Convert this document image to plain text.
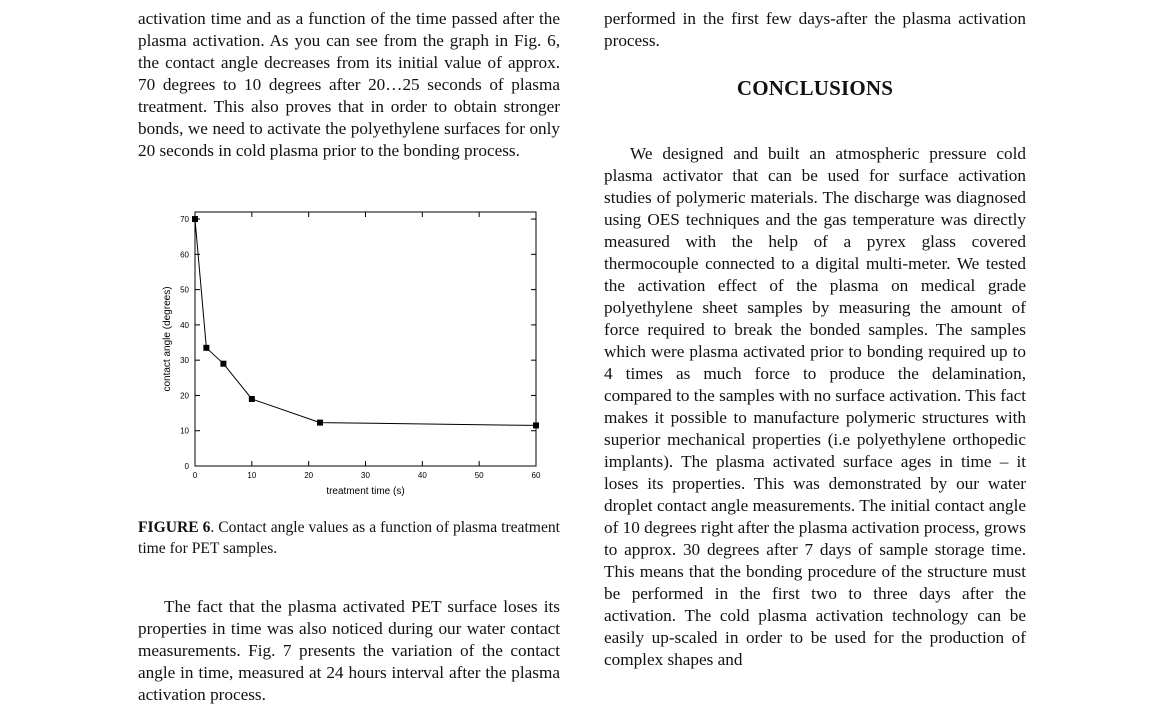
activation time and as a function of the time passed after the plasma activation. As you can see from the graph in Fig. 6, the contact angle decreases from its initial value of approx. 70 degrees to 10 degrees after 20…25 seconds of plasma treatment. This also proves that in order to obtain stronger bonds, we need to activate the polyethylene surfaces for only 20 seconds in cold plasma prior to the bonding process.

0	10	20	30	40	50	60
0
10
20
30
40
50
60
70
treatment time (s)
contact angle (degrees)
FIGURE 6. Contact angle values as a function of plasma treatment time for PET samples.

The fact that the plasma activated PET surface loses its properties in time was also noticed during our water contact measurements. Fig. 7 presents the variation of the contact angle in time, measured at 24 hours interval after the plasma activation process.

performed in the first few days-after the plasma activation process.

CONCLUSIONS

We designed and built an atmospheric pressure cold plasma activator that can be used for surface activation studies of polymeric materials. The discharge was diagnosed using OES techniques and the gas temperature was directly measured with the help of a pyrex glass covered thermocouple connected to a digital multi-meter. We tested the activation effect of the plasma on medical grade polyethylene sheet samples by measuring the amount of force required to break the bonded samples. The samples which were plasma activated prior to bonding required up to 4 times as much force to produce the delamination, compared to the samples with no surface activation. This fact makes it possible to manufacture polymeric structures with superior mechanical properties (i.e polyethylene orthopedic implants). The plasma activated surface ages in time – it loses its properties. This was demonstrated by our water droplet contact angle measurements. The initial contact angle of 10 degrees right after the plasma activation process, grows to approx. 30 degrees after 7 days of sample storage time. This means that the bonding procedure of the structure must be performed in the first two to three days after the activation. The cold plasma activation technology can be easily up-scaled in order to be used for the production of complex shapes and
